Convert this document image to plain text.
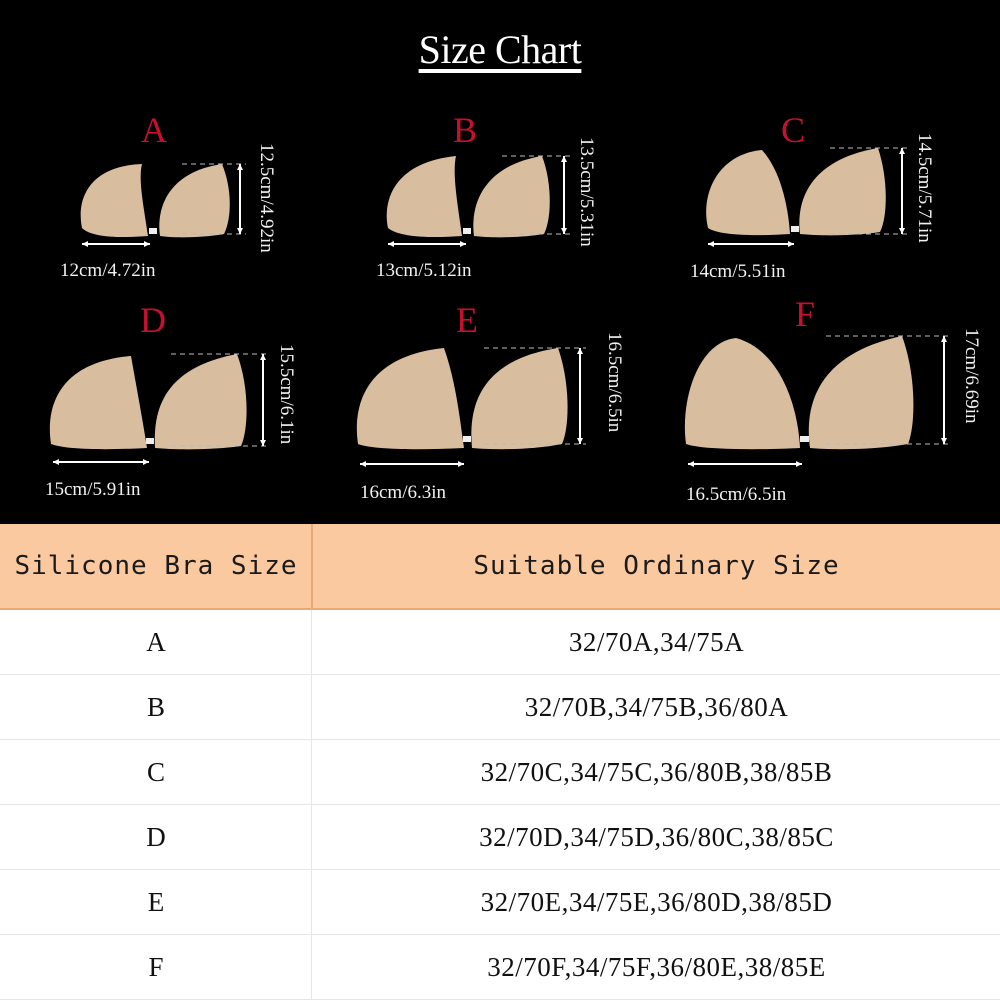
Size Chart
A
12cm/4.72in
12.5cm/4.92in
B
13cm/5.12in
13.5cm/5.31in
C
14cm/5.51in
14.5cm/5.71in
D
15cm/5.91in
15.5cm/6.1in
E
16cm/6.3in
16.5cm/6.5in
F
16.5cm/6.5in
17cm/6.69in
Silicone Bra Size	Suitable Ordinary Size
A	32/70A,34/75A
B	32/70B,34/75B,36/80A
C	32/70C,34/75C,36/80B,38/85B
D	32/70D,34/75D,36/80C,38/85C
E	32/70E,34/75E,36/80D,38/85D
F	32/70F,34/75F,36/80E,38/85E
